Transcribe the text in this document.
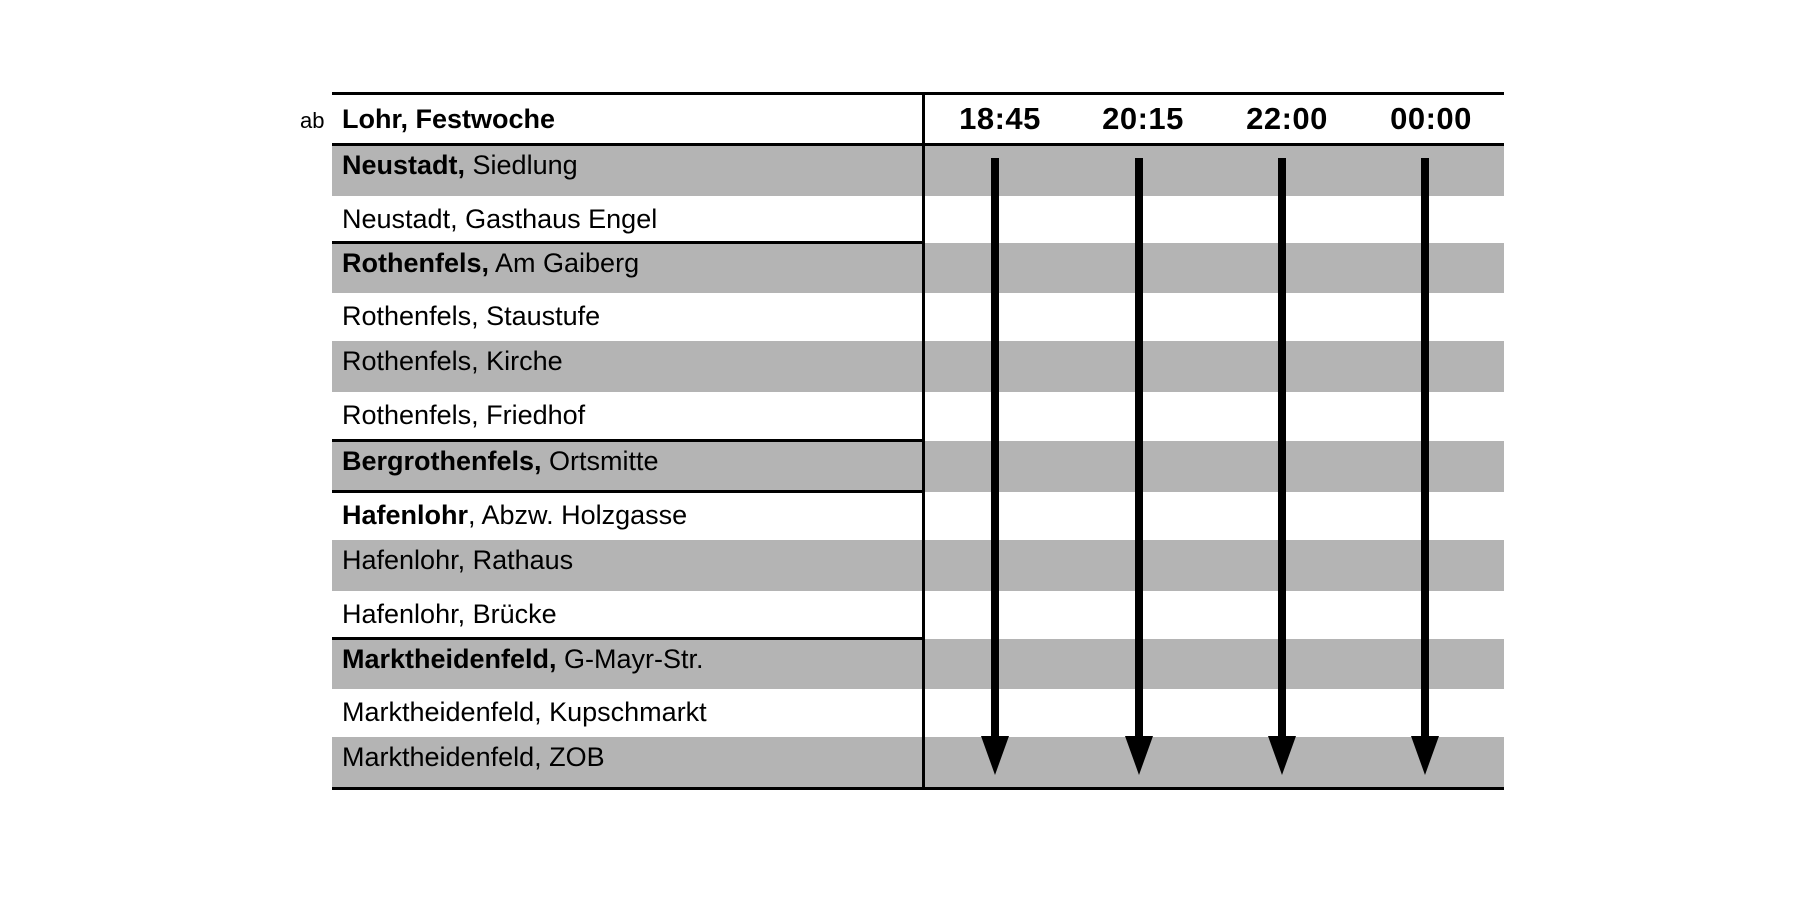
ab Lohr, Festwoche	18:45	20:15	22:00	00:00
Neustadt, Siedlung
Neustadt, Gasthaus Engel
Rothenfels, Am Gaiberg
Rothenfels, Staustufe
Rothenfels, Kirche
Rothenfels, Friedhof
Bergrothenfels, Ortsmitte
Hafenlohr, Abzw. Holzgasse
Hafenlohr, Rathaus
Hafenlohr, Brücke
Marktheidenfeld, G-Mayr-Str.
Marktheidenfeld, Kupschmarkt
Marktheidenfeld, ZOB
